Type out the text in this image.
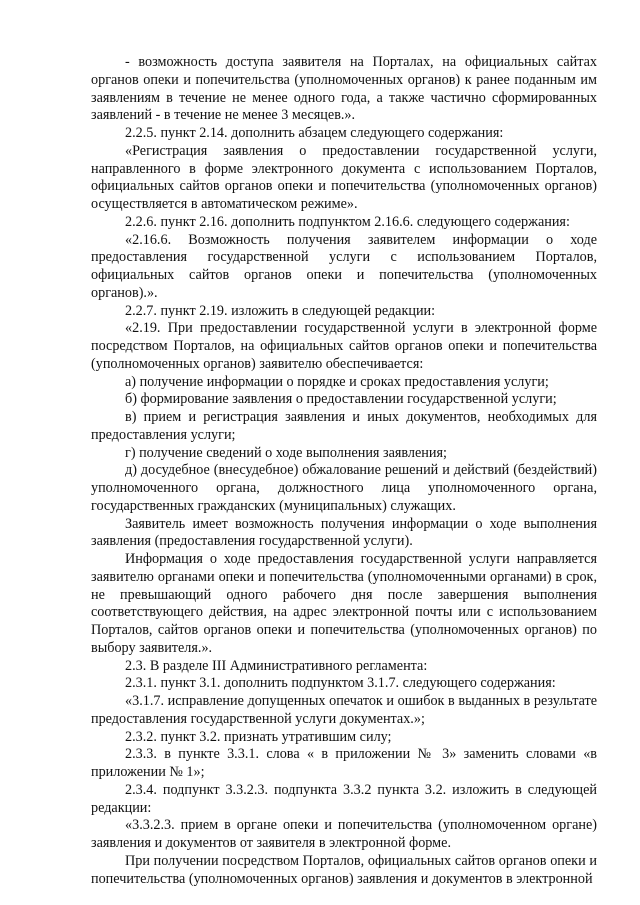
- возможность доступа заявителя на Порталах, на официальных сайтах органов опеки и попечительства (уполномоченных органов) к ранее поданным им заявлениям в течение не менее одного года, а также частично сформированных заявлений - в течение не менее 3 месяцев.».

2.2.5. пункт 2.14. дополнить абзацем следующего содержания:

«Регистрация заявления о предоставлении государственной услуги, направленного в форме электронного документа с использованием Порталов, официальных сайтов органов опеки и попечительства (уполномоченных органов) осуществляется в автоматическом режиме».

2.2.6. пункт 2.16. дополнить подпунктом 2.16.6. следующего содержания:

«2.16.6. Возможность получения заявителем информации о ходе предоставления государственной услуги с использованием Порталов, официальных сайтов органов опеки и попечительства (уполномоченных органов).».

2.2.7. пункт 2.19. изложить в следующей редакции:

«2.19. При предоставлении государственной услуги в электронной форме посредством Порталов, на официальных сайтов органов опеки и попечительства (уполномоченных органов) заявителю обеспечивается:

а) получение информации о порядке и сроках предоставления услуги;

б) формирование заявления о предоставлении государственной услуги;

в) прием и регистрация заявления и иных документов, необходимых для предоставления услуги;

г) получение сведений о ходе выполнения заявления;

д) досудебное (внесудебное) обжалование решений и действий (бездействий) уполномоченного органа, должностного лица уполномоченного органа, государственных гражданских (муниципальных) служащих.

Заявитель имеет возможность получения информации о ходе выполнения заявления (предоставления государственной услуги).

Информация о ходе предоставления государственной услуги направляется заявителю органами опеки и попечительства (уполномоченными органами) в срок, не превышающий одного рабочего дня после завершения выполнения соответствующего действия, на адрес электронной почты или с использованием Порталов, сайтов органов опеки и попечительства (уполномоченных органов) по выбору заявителя.».

2.3. В разделе III Административного регламента:

2.3.1. пункт 3.1. дополнить подпунктом 3.1.7. следующего содержания:

«3.1.7. исправление допущенных опечаток и ошибок в выданных в результате предоставления государственной услуги документах.»;

2.3.2. пункт 3.2. признать утратившим силу;

2.3.3. в пункте 3.3.1. слова « в приложении № 3» заменить словами «в приложении № 1»;

2.3.4. подпункт 3.3.2.3. подпункта 3.3.2 пункта 3.2. изложить в следующей редакции:

«3.3.2.3. прием в органе опеки и попечительства (уполномоченном органе) заявления и документов от заявителя в электронной форме.

При получении посредством Порталов, официальных сайтов органов опеки и попечительства (уполномоченных органов) заявления и документов в электронной
